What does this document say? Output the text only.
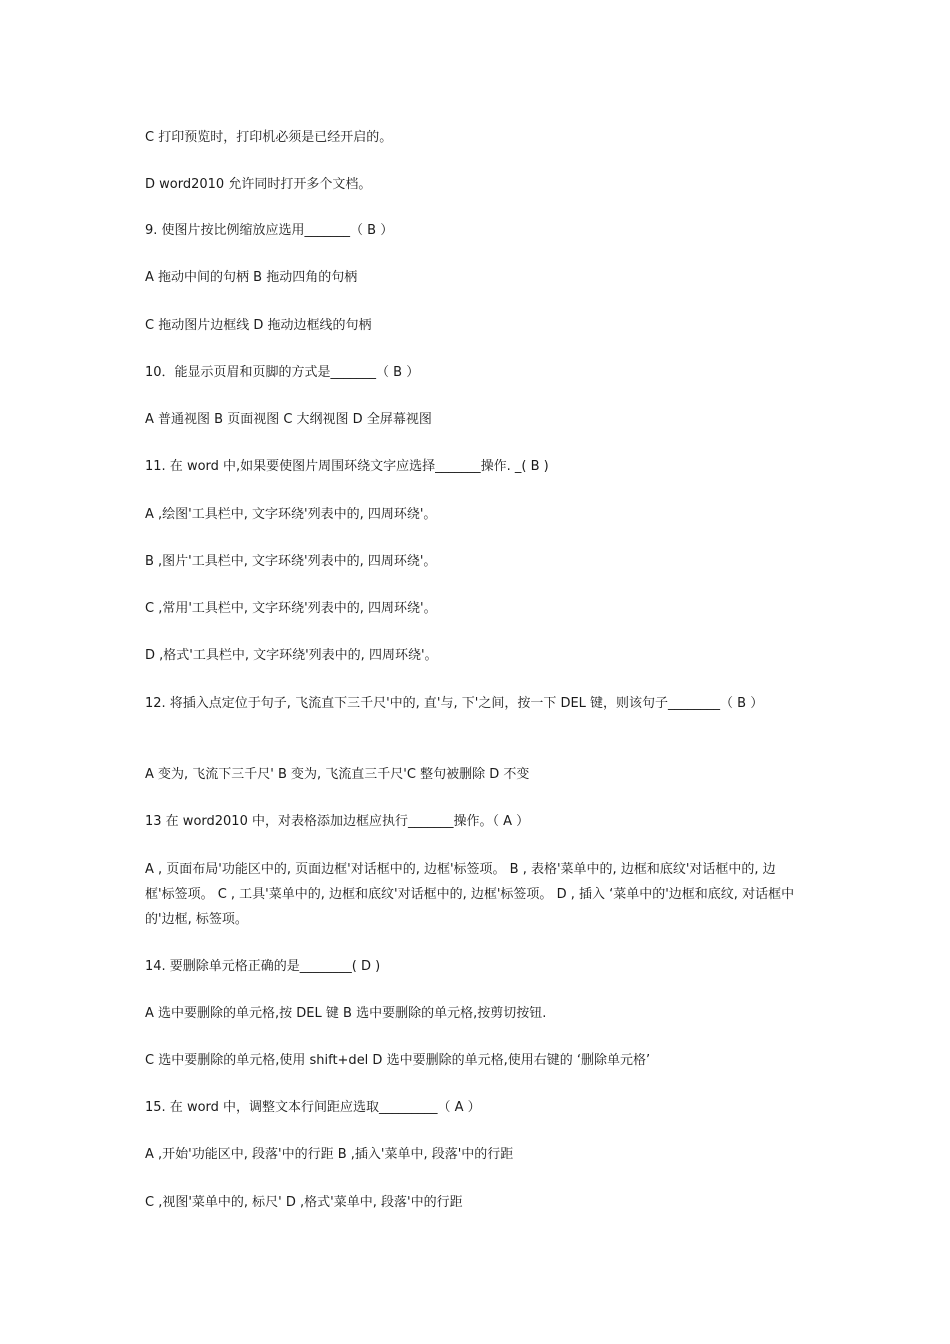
C 打印预览时，打印机必须是已经开启的。

D word2010 允许同时打开多个文档。

9. 使图片按比例缩放应选用_______（ B ）

A 拖动中间的句柄 B 拖动四角的句柄

C 拖动图片边框线 D 拖动边框线的句柄

10．能显示页眉和页脚的方式是_______（ B ）

A 普通视图 B 页面视图 C 大纲视图 D 全屏幕视图

11. 在 word 中,如果要使图片周围环绕文字应选择_______操作. _( B )

A ,绘图'工具栏中, 文字环绕'列表中的, 四周环绕'。

B ,图片'工具栏中, 文字环绕'列表中的, 四周环绕'。

C ,常用'工具栏中, 文字环绕'列表中的, 四周环绕'。

D ,格式'工具栏中, 文字环绕'列表中的, 四周环绕'。

12. 将插入点定位于句子, 飞流直下三千尺'中的, 直'与, 下'之间，按一下 DEL 键，则该句子________（ B ）

A 变为, 飞流下三千尺' B 变为, 飞流直三千尺'C 整句被删除 D 不变

13 在 word2010 中，对表格添加边框应执行_______操作。（ A ）

A , 页面布局'功能区中的, 页面边框'对话框中的, 边框'标签项。 B , 表格'菜单中的, 边框和底纹'对话框中的, 边框'标签项。 C , 工具'菜单中的, 边框和底纹'对话框中的, 边框'标签项。 D , 插入 ‘菜单中的'边框和底纹, 对话框中的'边框, 标签项。

14. 要删除单元格正确的是________( D )

A 选中要删除的单元格,按 DEL 键 B 选中要删除的单元格,按剪切按钮.

C 选中要删除的单元格,使用 shift+del D 选中要删除的单元格,使用右键的 ‘删除单元格’

15. 在 word 中，调整文本行间距应选取_________（ A ）

A ,开始'功能区中, 段落'中的行距 B ,插入'菜单中, 段落'中的行距

C ,视图'菜单中的, 标尺' D ,格式'菜单中, 段落'中的行距
